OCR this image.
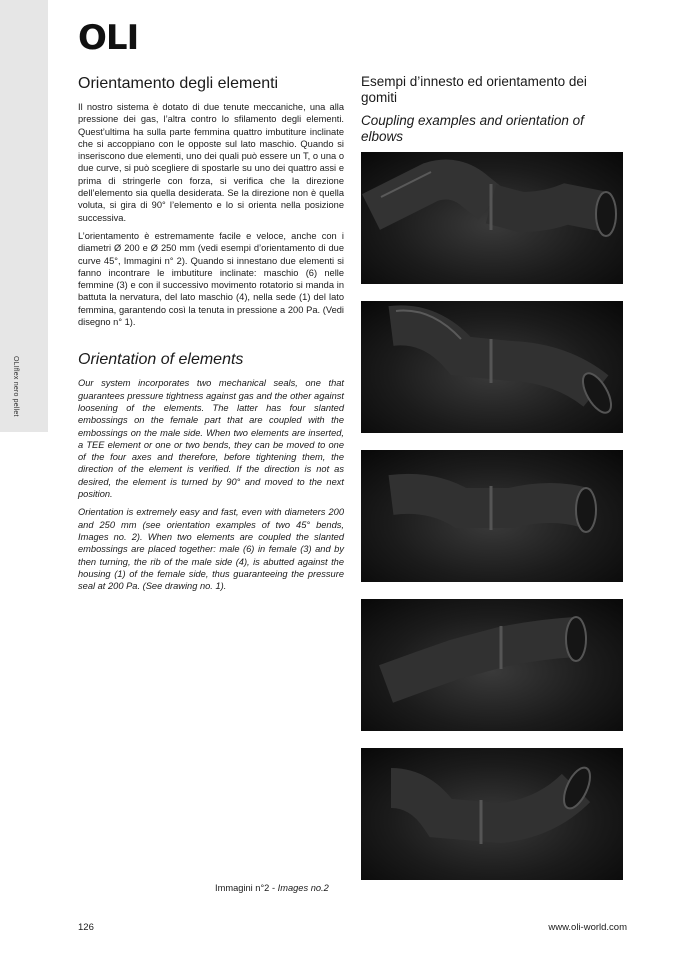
OLIflex nero pellet
OLI
Orientamento degli elementi

Il nostro sistema è dotato di due tenute meccaniche, una alla pressione dei gas, l’altra contro lo sfilamento degli elementi. Quest’ultima ha sulla parte femmina quattro imbutiture inclinate che si accoppiano con le opposte sul lato maschio. Quando si inseriscono due elementi, uno dei quali può essere un T, o una o due curve, si può scegliere di spostarle su uno dei quattro assi e prima di stringerle con forza, si verifica che la direzione dell’elemento sia quella desiderata. Se la direzione non è quella voluta, si gira di 90° l’elemento e lo si orienta nella posizione successiva.

L’orientamento è estremamente facile e veloce, anche con i diametri Ø 200 e Ø 250 mm (vedi esempi d’orientamento di due curve 45°, Immagini n° 2). Quando si innestano due elementi si fanno incontrare le imbutiture inclinate: maschio (6) nelle femmine (3) e con il successivo movimento rotatorio si manda in battuta la nervatura, del lato maschio (4), nella sede (1) del lato femmina, garantendo così la tenuta in pressione a 200 Pa. (Vedi disegno n° 1).

Orientation of elements

Our system incorporates two mechanical seals, one that guarantees pressure tightness against gas and the other against loosening of the elements. The latter has four slanted embossings on the female part that are coupled with the embossings on the male side. When two elements are inserted, a TEE element or one or two bends, they can be moved to one of the four axes and therefore, before tightening them, the direction of the element is verified. If the direction is not as desired, the element is turned by 90° and moved to the next position.

Orientation is extremely easy and fast, even with diameters 200 and 250 mm (see orientation examples of two 45° bends, Images no. 2). When two elements are coupled the slanted embossings are placed together: male (6) in female (3) and by then turning, the rib of the male side (4), is abutted against the housing (1) of the female side, thus guaranteeing the pressure seal at 200 Pa. (See drawing no. 1).

Esempi d’innesto ed orientamento dei gomiti
Coupling examples and orientation of elbows
Immagini n°2 - Images no.2
126	www.oli-world.com
